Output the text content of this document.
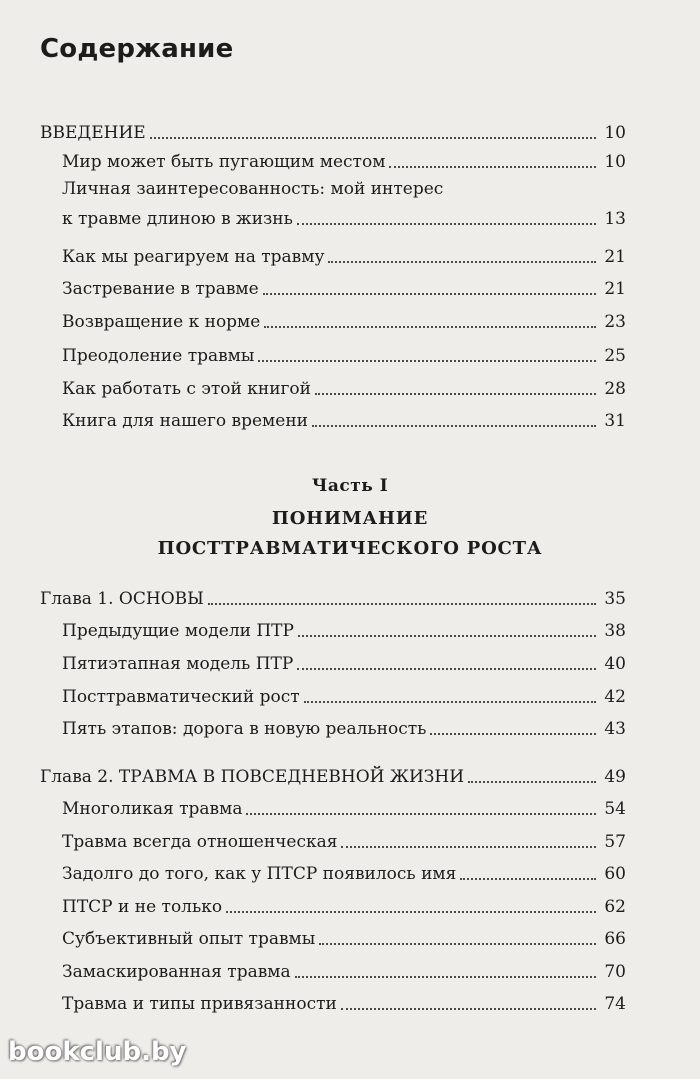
Содержание
ВВЕДЕНИЕ	10
Мир может быть пугающим местом	10
Личная заинтересованность: мой интерес
к травме длиною в жизнь	13
Как мы реагируем на травму	21
Застревание в травме	21
Возвращение к норме	23
Преодоление травмы	25
Как работать с этой книгой	28
Книга для нашего времени	31
Часть I
ПОНИМАНИЕ
ПОСТТРАВМАТИЧЕСКОГО РОСТА
Глава 1. ОСНОВЫ	35
Предыдущие модели ПТР	38
Пятиэтапная модель ПТР	40
Посттравматический рост	42
Пять этапов: дорога в новую реальность	43
Глава 2. ТРАВМА В ПОВСЕДНЕВНОЙ ЖИЗНИ	49
Многоликая травма	54
Травма всегда отношенческая	57
Задолго до того, как у ПТСР появилось имя	60
ПТСР и не только	62
Субъективный опыт травмы	66
Замаскированная травма	70
Травма и типы привязанности	74
bookclub.by
